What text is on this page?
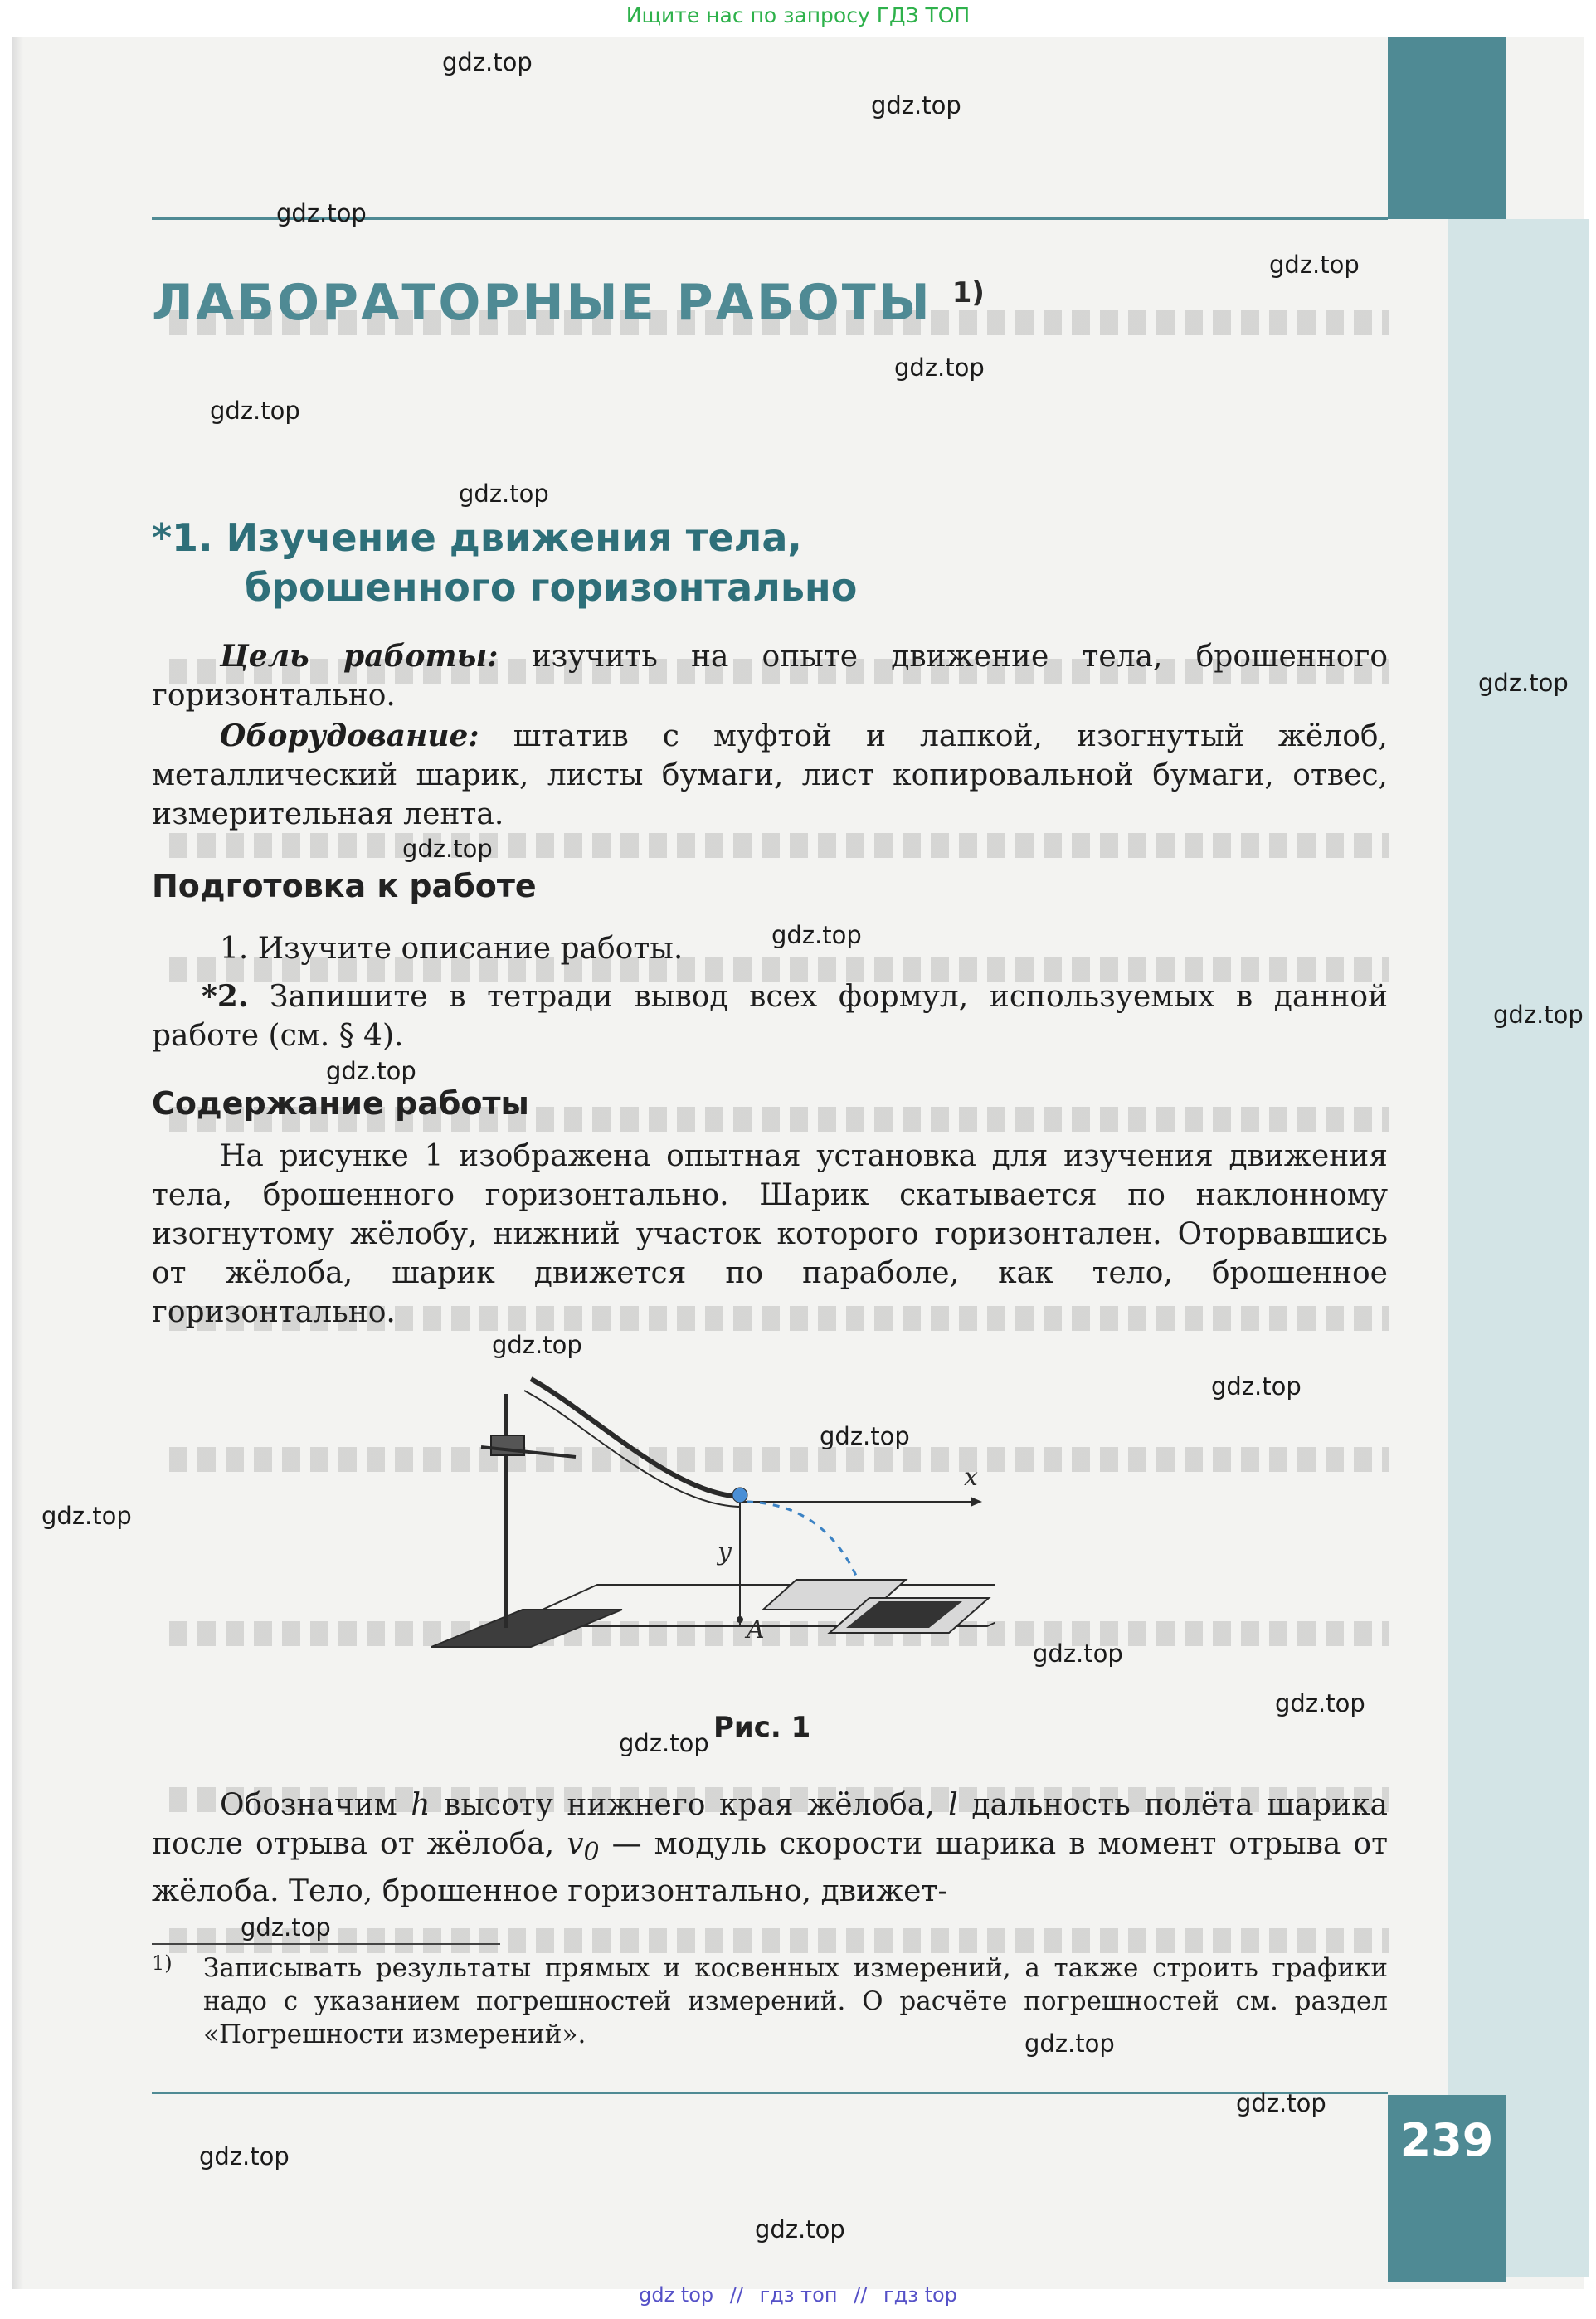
Ищите нас по запросу ГДЗ ТОП
239
ЛАБОРАТОРНЫЕ РАБОТЫ $^{1)}$
*1. Изучение движения тела,
брошенного горизонтально
Цель работы: изучить на опыте движение тела, брошенного горизонтально.
Оборудование: штатив с муфтой и лапкой, изогнутый жёлоб, металлический шарик, листы бумаги, лист копировальной бумаги, отвес, измерительная лента.
Подготовка к работе
1. Изучите описание работы.
*2. Запишите в тетради вывод всех формул, используемых в данной работе (см. § 4).
Содержание работы
На рисунке 1 изображена опытная установка для изучения движения тела, брошенного горизонтально. Шарик скатывается по наклонному изогнутому жёлобу, нижний участок которого горизонтален. Оторвавшись от жёлоба, шарик движется по параболе, как тело, брошенное горизонтально.
x
y
A

Рис. 1

Обозначим h высоту нижнего края жёлоба, l дальность полёта шарика после отрыва от жёлоба, $v_0$ — модуль скорости шарика в момент отрыва от жёлоба. Тело, брошенное горизонтально, движет-
1) Записывать результаты прямых и косвенных измерений, а также строить графики надо с указанием погрешностей измерений. О расчёте погрешностей см. раздел «Погрешности измерений».
gdz.top
gdz.top
gdz.top
gdz.top
gdz.top
gdz.top
gdz.top
gdz.top
gdz.top
gdz.top
gdz.top
gdz.top
gdz.top
gdz.top
gdz.top
gdz.top
gdz.top
gdz.top
gdz.top
gdz.top
gdz.top
gdz.top
gdz.top
gdz.top
gdz top // гдз топ // гдз top
